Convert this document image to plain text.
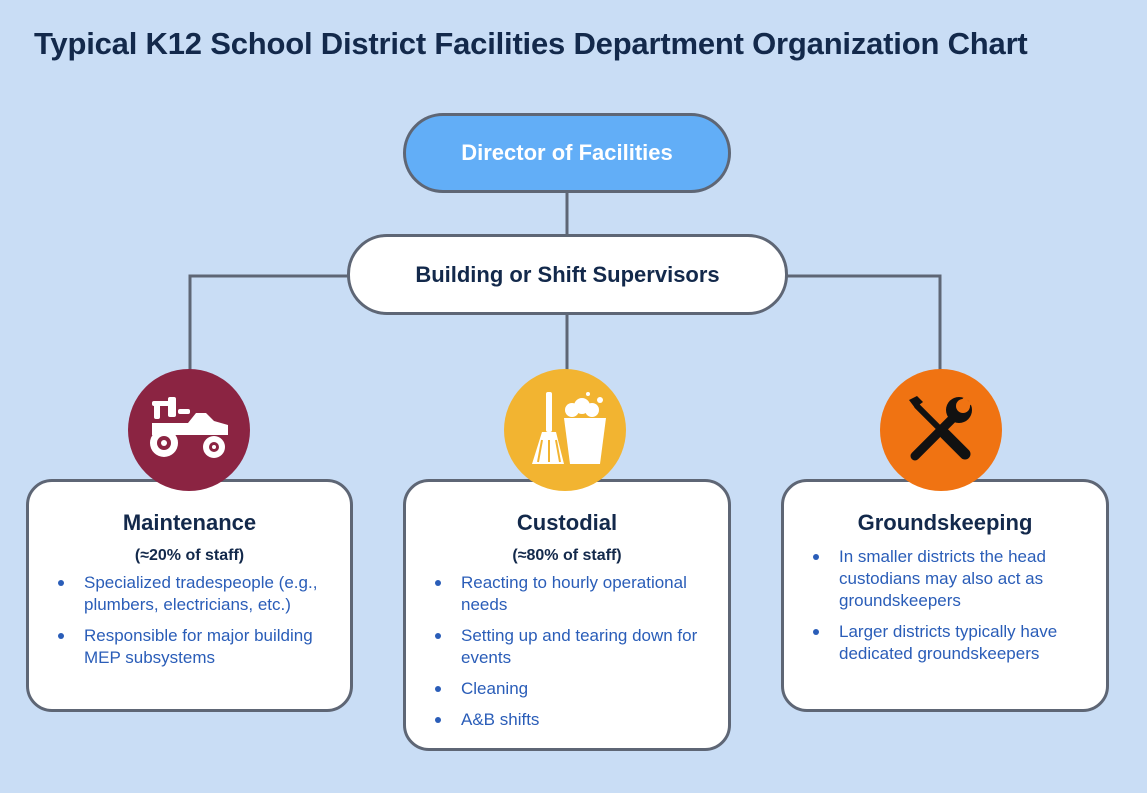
Typical K12 School District Facilities Department Organization Chart
Director of Facilities
Building or Shift Supervisors

Maintenance

(≈20% of staff)

Specialized tradespeople (e.g., plumbers, electricians, etc.)
Responsible for major building MEP subsystems

Custodial

(≈80% of staff)

Reacting to hourly operational needs
Setting up and tearing down for events
Cleaning
A&B shifts

Groundskeeping

In smaller districts the head custodians may also act as groundskeepers
Larger districts typically have dedicated groundskeepers
